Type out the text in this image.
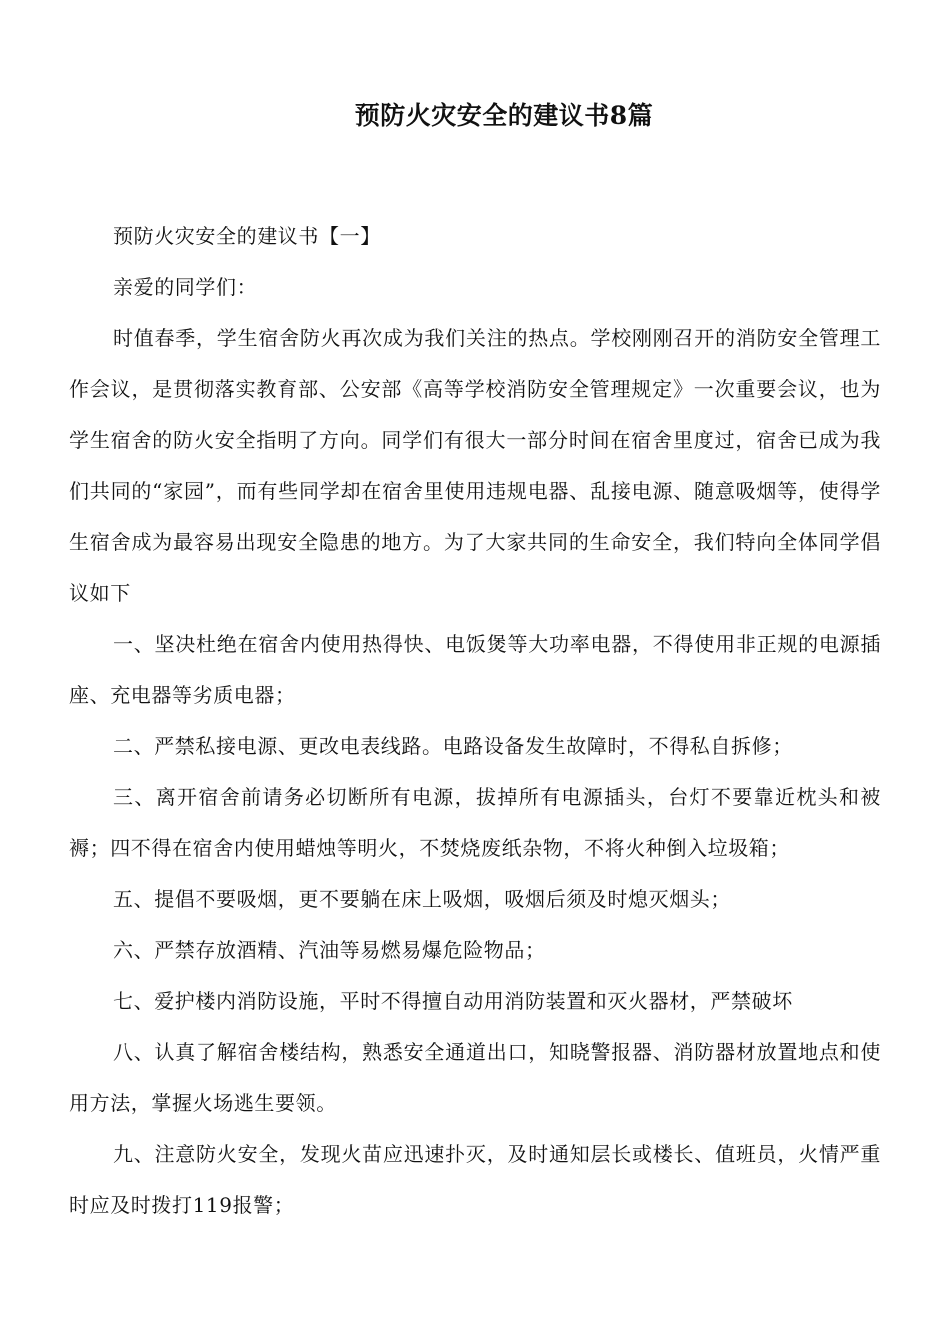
预防火灾安全的建议书8篇

预防火灾安全的建议书【一】

亲爱的同学们：

时值春季，学生宿舍防火再次成为我们关注的热点。学校刚刚召开的消防安全管理工作会议，是贯彻落实教育部、公安部《高等学校消防安全管理规定》一次重要会议，也为学生宿舍的防火安全指明了方向。同学们有很大一部分时间在宿舍里度过，宿舍已成为我们共同的“家园”，而有些同学却在宿舍里使用违规电器、乱接电源、随意吸烟等，使得学生宿舍成为最容易出现安全隐患的地方。为了大家共同的生命安全，我们特向全体同学倡议如下

一、坚决杜绝在宿舍内使用热得快、电饭煲等大功率电器，不得使用非正规的电源插座、充电器等劣质电器；

二、严禁私接电源、更改电表线路。电路设备发生故障时，不得私自拆修；

三、离开宿舍前请务必切断所有电源，拔掉所有电源插头，台灯不要靠近枕头和被褥；四不得在宿舍内使用蜡烛等明火，不焚烧废纸杂物，不将火种倒入垃圾箱；

五、提倡不要吸烟，更不要躺在床上吸烟，吸烟后须及时熄灭烟头；

六、严禁存放酒精、汽油等易燃易爆危险物品；

七、爱护楼内消防设施，平时不得擅自动用消防装置和灭火器材，严禁破坏

八、认真了解宿舍楼结构，熟悉安全通道出口，知晓警报器、消防器材放置地点和使用方法，掌握火场逃生要领。

九、注意防火安全，发现火苗应迅速扑灭，及时通知层长或楼长、值班员，火情严重时应及时拨打119报警；
